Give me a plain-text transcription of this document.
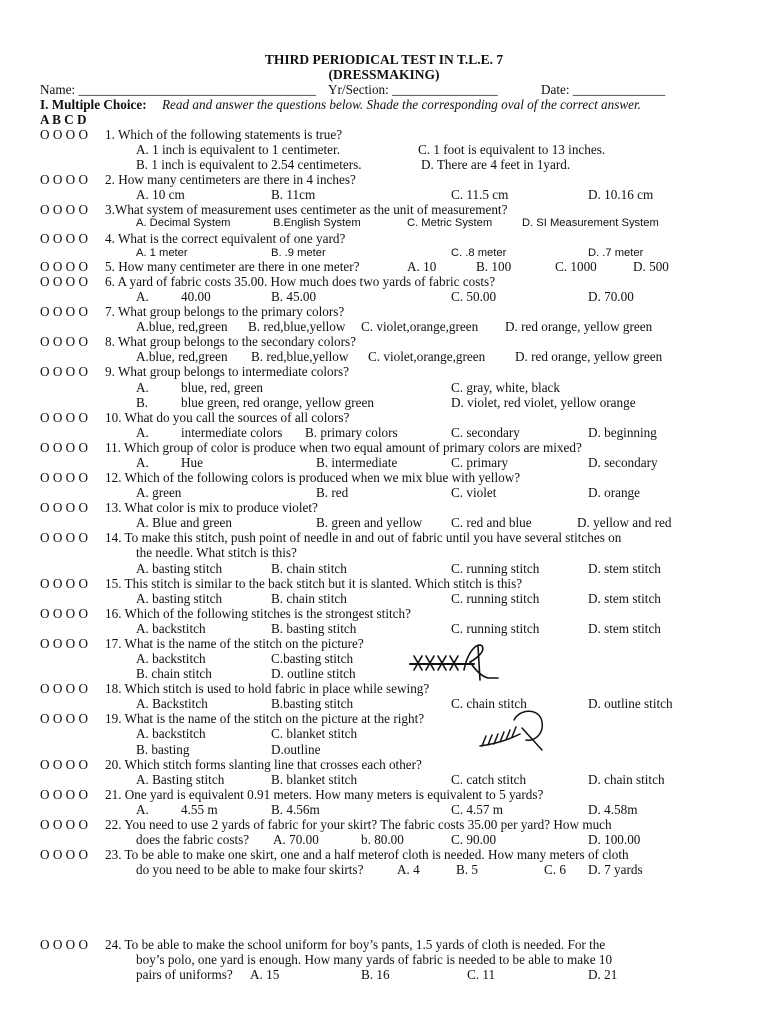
THIRD PERIODICAL TEST IN T.L.E. 7
(DRESSMAKING)
Name: ____________________________________ Yr/Section: ________________	Date: ______________
I. Multiple Choice: Read and answer the questions below. Shade the corresponding oval of the correct answer.
A B C D
O O O O 1. Which of the following statements is true?
A. 1 inch is equivalent to 1 centimeter.	C. 1 foot is equivalent to 13 inches.
B. 1 inch is equivalent to 2.54 centimeters.	D. There are 4 feet in 1yard.
O O O O 2. How many centimeters are there in 4 inches?
A. 10 cm	B. 11cm	C. 11.5 cm	D. 10.16 cm
O O O O 3.What system of measurement uses centimeter as the unit of measurement?
A. Decimal System	B.English System	C. Metric System	D. SI Measurement System
O O O O 4. What is the correct equivalent of one yard?
A. 1 meter	B. .9 meter	C. .8 meter	D. .7 meter
O O O O 5. How many centimeter are there in one meter?	A. 10	B. 100	C. 1000	D. 500
O O O O 6. A yard of fabric costs 35.00. How much does two yards of fabric costs?
A. 40.00	B. 45.00	C. 50.00	D. 70.00
O O O O 7. What group belongs to the primary colors?
A.blue, red,green B. red,blue,yellow C. violet,orange,green D. red orange, yellow green
O O O O 8. What group belongs to the secondary colors?
A.blue, red,green B. red,blue,yellow C. violet,orange,green D. red orange, yellow green
O O O O 9. What group belongs to intermediate colors?
A. blue, red, green	C. gray, white, black
B. blue green, red orange, yellow green	D. violet, red violet, yellow orange
O O O O 10. What do you call the sources of all colors?
A. intermediate colors B. primary colors	C. secondary	D. beginning
O O O O 11. Which group of color is produce when two equal amount of primary colors are mixed?
A. Hue	B. intermediate	C. primary	D. secondary
O O O O 12. Which of the following colors is produced when we mix blue with yellow?
A. green	B. red	C. violet	D. orange
O O O O 13. What color is mix to produce violet?
A. Blue and green	B. green and yellow C. red and blue	D. yellow and red
O O O O 14. To make this stitch, push point of needle in and out of fabric until you have several stitches on
the needle. What stitch is this?
A. basting stitch	B. chain stitch	C. running stitch	D. stem stitch
O O O O 15. This stitch is similar to the back stitch but it is slanted. Which stitch is this?
A. basting stitch	B. chain stitch	C. running stitch	D. stem stitch
O O O O 16. Which of the following stitches is the strongest stitch?
A. backstitch	B. basting stitch	C. running stitch	D. stem stitch
O O O O 17. What is the name of the stitch on the picture?
A. backstitch	C.basting stitch
B. chain stitch	D. outline stitch
O O O O 18. Which stitch is used to hold fabric in place while sewing?
A. Backstitch	B.basting stitch	C. chain stitch	D. outline stitch
O O O O 19. What is the name of the stitch on the picture at the right?
A. backstitch	C. blanket stitch
B. basting	D.outline
O O O O 20. Which stitch forms slanting line that crosses each other?
A. Basting stitch	B. blanket stitch	C. catch stitch	D. chain stitch
O O O O 21. One yard is equivalent 0.91 meters. How many meters is equivalent to 5 yards?
A. 4.55 m	B. 4.56m	C. 4.57 m	D. 4.58m
O O O O 22. You need to use 2 yards of fabric for your skirt? The fabric costs 35.00 per yard? How much
does the fabric costs? A. 70.00	b. 80.00	C. 90.00	D. 100.00
O O O O 23. To be able to make one skirt, one and a half meterof cloth is needed. How many meters of cloth
do you need to be able to make four skirts?	A. 4	B. 5	C. 6 D. 7 yards
O O O O 24. To be able to make the school uniform for boy’s pants, 1.5 yards of cloth is needed. For the
boy’s polo, one yard is enough. How many yards of fabric is needed to be able to make 10
pairs of uniforms? A. 15	B. 16	C. 11	D. 21
